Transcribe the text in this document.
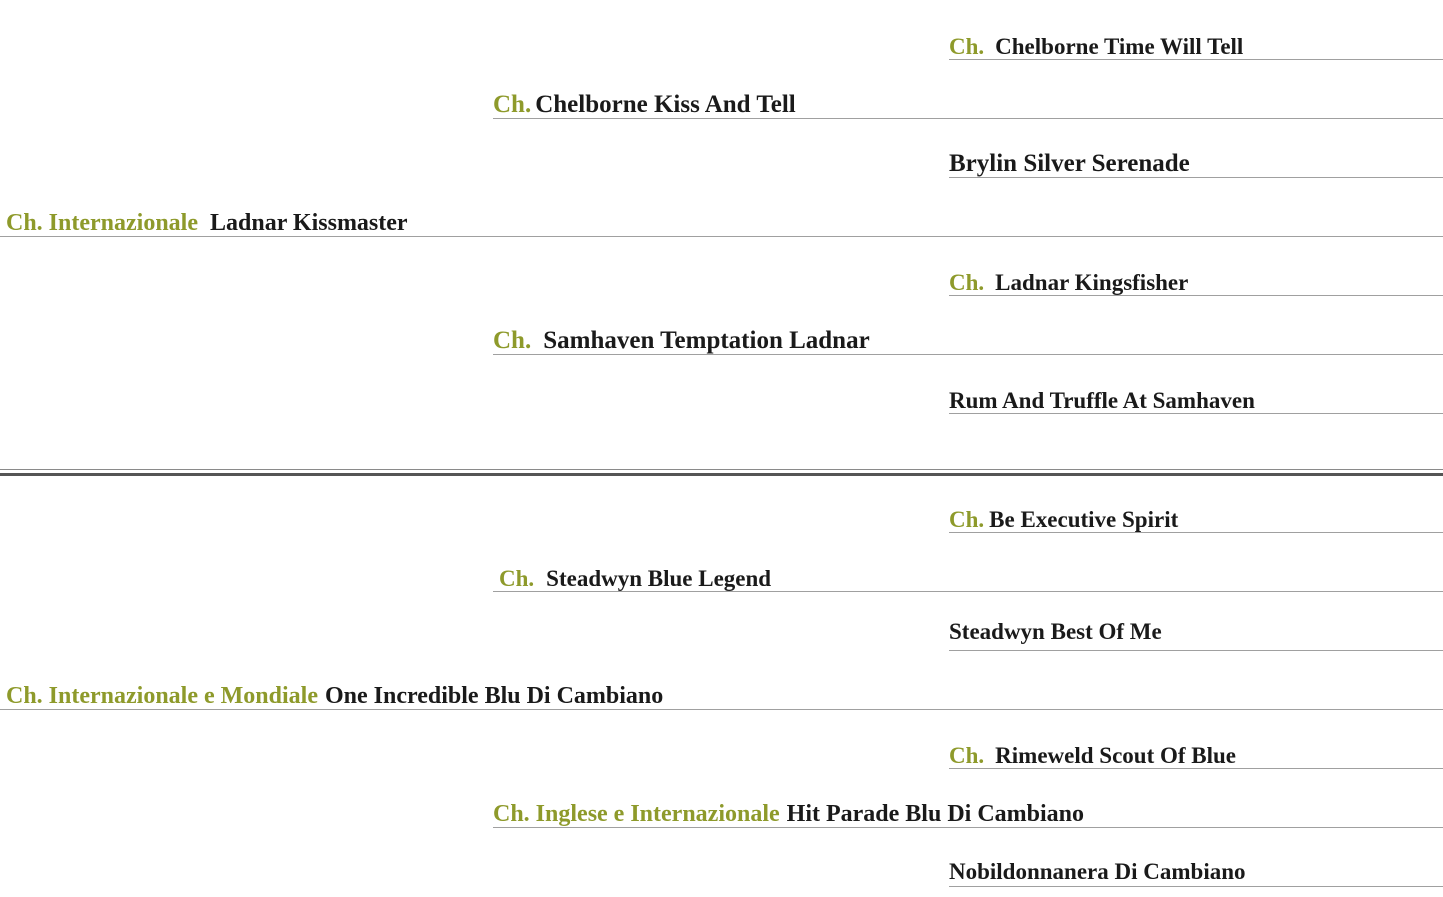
Ch. Chelborne Time Will Tell
Ch. Chelborne Kiss And Tell
Brylin Silver Serenade
Ch. Internazionale Ladnar Kissmaster
Ch. Ladnar Kingsfisher
Ch. Samhaven Temptation Ladnar
Rum And Truffle At Samhaven
Ch. Be Executive Spirit
Ch. Steadwyn Blue Legend
Steadwyn Best Of Me
Ch. Internazionale e Mondiale One Incredible Blu Di Cambiano
Ch. Rimeweld Scout Of Blue
Ch. Inglese e Internazionale Hit Parade Blu Di Cambiano
Nobildonnanera Di Cambiano
